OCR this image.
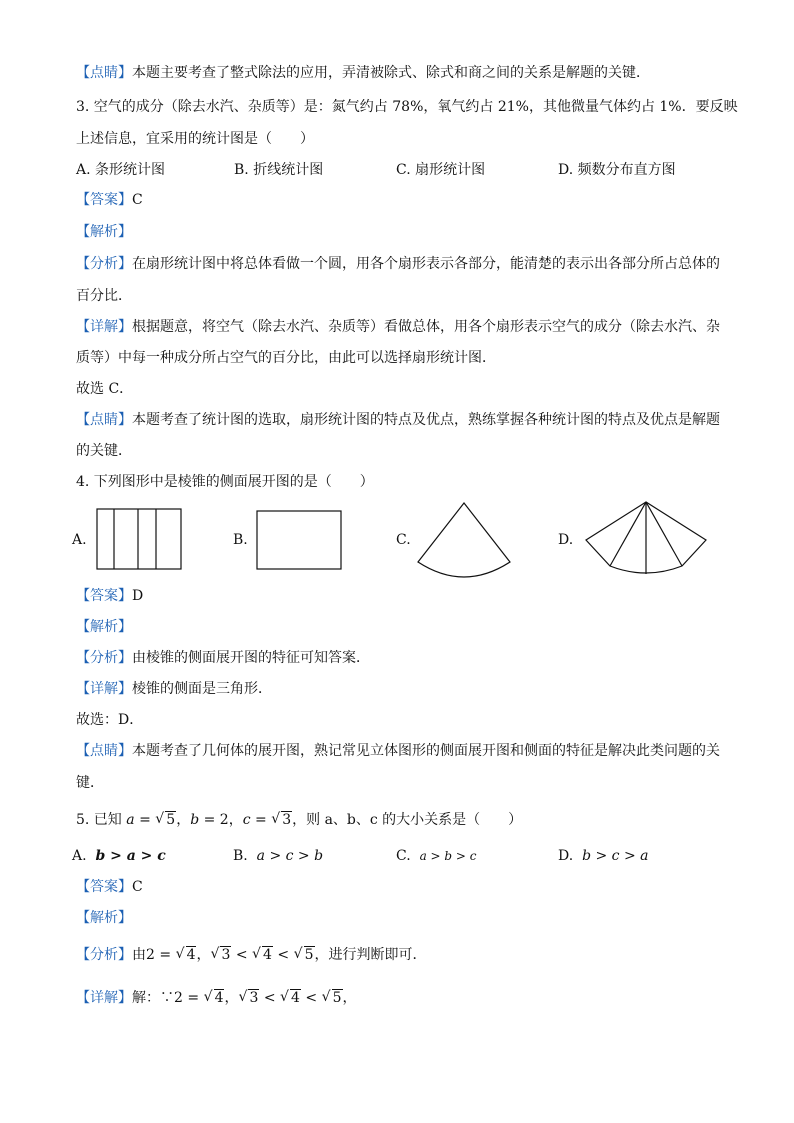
【点睛】本题主要考查了整式除法的应用，弄清被除式、除式和商之间的关系是解题的关键．
3. 空气的成分（除去水汽、杂质等）是：氮气约占 78%，氧气约占 21%，其他微量气体约占 1%．要反映
上述信息，宜采用的统计图是（　　）
A. 条形统计图	B. 折线统计图	C. 扇形统计图	D. 频数分布直方图
【答案】C
【解析】
【分析】在扇形统计图中将总体看做一个圆，用各个扇形表示各部分，能清楚的表示出各部分所占总体的
百分比．
【详解】根据题意，将空气（除去水汽、杂质等）看做总体，用各个扇形表示空气的成分（除去水汽、杂
质等）中每一种成分所占空气的百分比，由此可以选择扇形统计图．
故选 C．
【点睛】本题考查了统计图的选取，扇形统计图的特点及优点，熟练掌握各种统计图的特点及优点是解题
的关键．
4. 下列图形中是棱锥的侧面展开图的是（　　）
A.	B.	C.	D.
【答案】D
【解析】
【分析】由棱锥的侧面展开图的特征可知答案．
【详解】棱锥的侧面是三角形．
故选：D．
【点睛】本题考查了几何体的展开图，熟记常见立体图形的侧面展开图和侧面的特征是解决此类问题的关
键．
5. 已知 a = √ 5，b = 2，c = √ 3，则 a、b、c 的大小关系是（　　）
A. b > a > c	B. a > c > b	C. a > b > c	D. b > c > a
【答案】C
【解析】
【分析】由2 = √ 4， √ 3 < √ 4 < √ 5，进行判断即可．
【详解】解：∵2 = √ 4， √ 3 < √ 4 < √ 5，
